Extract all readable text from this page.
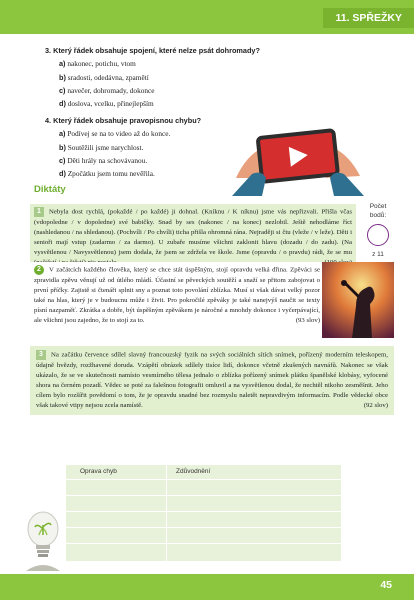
11. SPŘEŽKY
3. Který řádek obsahuje spojení, které nelze psát dohromady?
a) nakonec, potichu, vtom
b) sradosti, odedávna, zpamětí
c) navečer, dohromady, dokonce
d) doslova, vcelku, přinejlepším
4. Který řádek obsahuje pravopisnou chybu?
a) Podívej se na to video až do konce.
b) Soutěžili jsme narychlost.
c) Děti hrály na schovávanou.
d) Zpočátku jsem tomu nevěřila.
Diktáty
Počet
bodů:
z 11
1 Nebyla dost rychlá, (pokaždé / po každé) ji dohnal. (Kníknu / K níknu) jsme vás nepřizvali. Přišla včas (vdopoledne / v dopoledne) své babičky. Snad by ses (nakonec / na konec) nezlobil. Ještě nehodláme říct (nashledanou / na shledanou). (Pochvíli / Po chvíli) ticha přišla ohromná rána. Nejraději si čtu (vleže / v leže). Děti i senioři mají vstup (zadarmo / za darmo). U zubaře musíme všichni zaklonit hlavu (dozadu / do zadu). (Na vysvětlenou / Navysvětlenou) jsem dodala, že jsem se zdržela ve škole. Jsme (opravdu / o pravdu) rádi, že se mu
2 V začátcích každého člověka, který se chce stát úspěšným, stojí opravdu velká dřina. Zpěváci se zpravidla zpěvu věnují už od útlého mládí. Účastní se pěveckých soutěží a snaží se přitom zabojovat o první příčky. Zajistě si čtenáři splnit sny a poznat toto povolání zblízka. Musí si však dávat velký pozor také na hlas, který je v budoucnu může i živit. Pro pokročilé zpěváky je také nanejvýš naučit se texty písní nazpaměť. Zkrátka a dobře, být úspěšným zpěvákem je náročné a mnohdy dokonce i vyčerpávající, ale všichni jsou zajedno, že to stojí za to.	(93 slov)
3 Na začátku července sdílel slavný francouzský fyzik na svých sociálních sítích snímek, pořízený moderním teleskopem, údajně hvězdy, rozžhavené dorudа. Vzápětí obrázek sdílely tisíce lidí, dokonce včetně zkušených navnáfů. Nakonec se však ukázalo, že se ve skutečnosti namísto vesmírného tělesa jednalo o zblízka pořízený snímek plátku španělské klobásy, vyfocené shora na černém pozadí. Vědec se poté za falešnou fotografii omluvil a na vysvětlenou dodal, že nechtěl nikoho zesměšnit. Jeho cílem bylo rozšířit povědomí o tom, že je opravdu snadné bez rozmyslu naletět nepravdivým informacím. Podle vědecké obce však takové vtipy nejsou zcela namístě.	(92 slov)
Oprava chyb	Zdůvodnění
45
